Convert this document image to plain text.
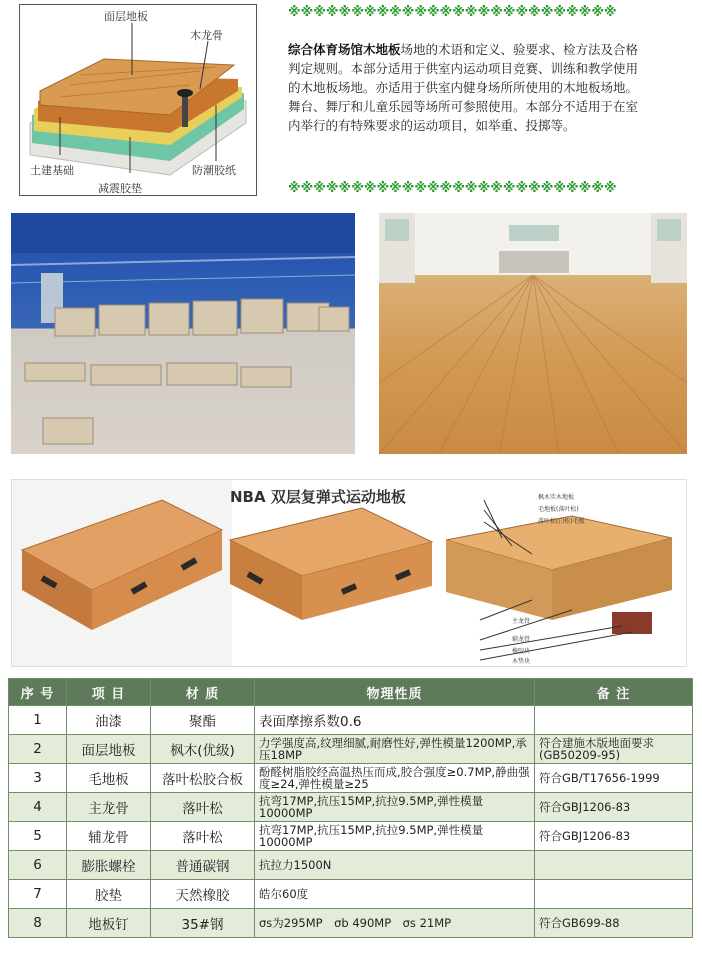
面层地板
木龙骨
土建基础
减震胶垫
防潮胶纸
※※※※※※※※※※※※※※※※※※※※※※※※※※
综合体育场馆木地板场地的术语和定义、验要求、检方法及合格判定规则。本部分适用于供室内运动项目竞赛、训练和教学使用的木地板场地。亦适用于供室内健身场所所使用的木地板场地。舞台、舞厅和儿童乐园等场所可参照使用。本部分不适用于在室内举行的有特殊要求的运动项目，如举重、投掷等。
※※※※※※※※※※※※※※※※※※※※※※※※※※
NBA 双层复弹式运动地板	枫木实木地板
毛地板(落叶松)
落叶松(白松)毛板
主龙骨
辅龙骨
橡胶块
木垫块
序 号	项 目	材 质	物理性质	备 注
1	油漆	聚酯	表面摩擦系数0.6	
2	面层地板	枫木(优级)	力学强度高,纹理细腻,耐磨性好,弹性模量1200MP,承压18MP	符合建施木版地面要求(GB50209-95)
3	毛地板	落叶松胶合板	酚醛树脂胶经高温热压而成,胶合强度≥0.7MP,静曲强度≥24,弹性模量≥25	符合GB/T17656-1999
4	主龙骨	落叶松	抗弯17MP,抗压15MP,抗拉9.5MP,弹性模量10000MP	符合GBJ1206-83
5	辅龙骨	落叶松	抗弯17MP,抗压15MP,抗拉9.5MP,弹性模量10000MP	符合GBJ1206-83
6	膨胀螺栓	普通碳钢	抗拉力1500N	
7	胶垫	天然橡胶	皓尔60度	
8	地板钉	35#钢	σs为295MP　σb 490MP　σs 21MP	符合GB699-88
